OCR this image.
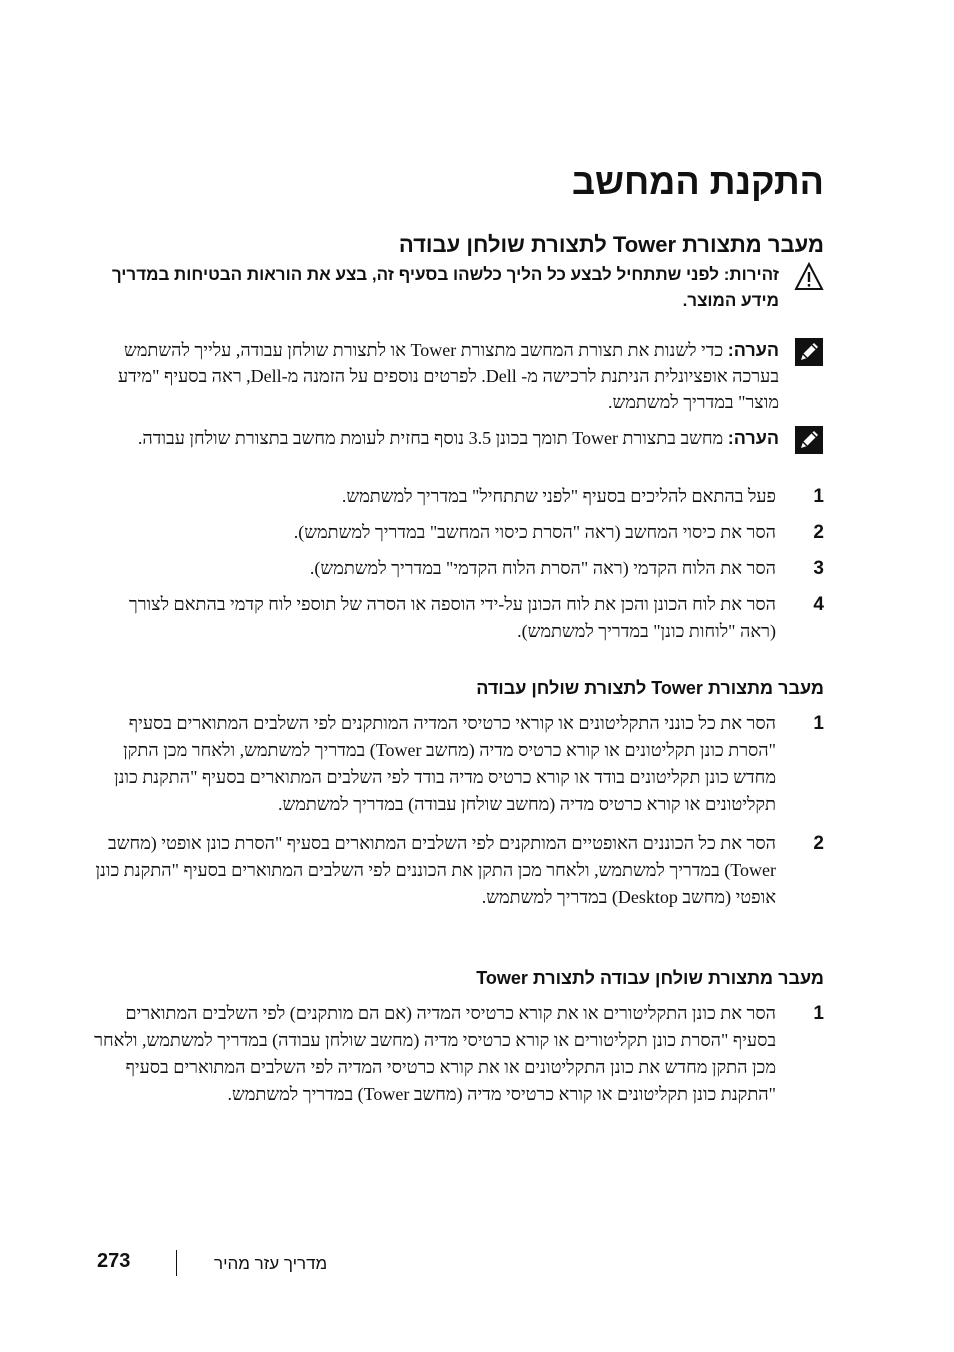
התקנת המחשב
מעבר מתצורת Tower לתצורת שולחן עבודה
זהירות: לפני שתתחיל לבצע כל הליך כלשהו בסעיף זה, בצע את הוראות הבטיחות במדריך מידע המוצר.
הערה: כדי לשנות את תצורת המחשב מתצורת Tower או לתצורת שולחן עבודה, עלייך להשתמש בערכה אופציונלית הניתנת לרכישה מ- Dell. לפרטים נוספים על הזמנה מ-Dell, ראה בסעיף "מידע מוצר" במדריך למשתמש.
הערה: מחשב בתצורת Tower תומך בכונן 3.5 נוסף בחזית לעומת מחשב בתצורת שולחן עבודה.
1
פעל בהתאם להליכים בסעיף "לפני שתתחיל" במדריך למשתמש.
2
הסר את כיסוי המחשב (ראה "הסרת כיסוי המחשב" במדריך למשתמש).
3
הסר את הלוח הקדמי (ראה "הסרת הלוח הקדמי" במדריך למשתמש).
4
הסר את לוח הכונן והכן את לוח הכונן על-ידי הוספה או הסרה של תוספי לוח קדמי בהתאם לצורך (ראה "לוחות כונן" במדריך למשתמש).
מעבר מתצורת Tower לתצורת שולחן עבודה
1
הסר את כל כונני התקליטונים או קוראי כרטיסי המדיה המותקנים לפי השלבים המתוארים בסעיף "הסרת כונן תקליטונים או קורא כרטיס מדיה (מחשב Tower) במדריך למשתמש, ולאחר מכן התקן מחדש כונן תקליטונים בודד או קורא כרטיס מדיה בודד לפי השלבים המתוארים בסעיף "התקנת כונן תקליטונים או קורא כרטיס מדיה (מחשב שולחן עבודה) במדריך למשתמש.
2
הסר את כל הכוננים האופטיים המותקנים לפי השלבים המתוארים בסעיף "הסרת כונן אופטי (מחשב Tower) במדריך למשתמש, ולאחר מכן התקן את הכוננים לפי השלבים המתוארים בסעיף "התקנת כונן אופטי (מחשב Desktop) במדריך למשתמש.
מעבר מתצורת שולחן עבודה לתצורת Tower
1
הסר את כונן התקליטורים או את קורא כרטיסי המדיה (אם הם מותקנים) לפי השלבים המתוארים בסעיף "הסרת כונן תקליטורים או קורא כרטיסי מדיה (מחשב שולחן עבודה) במדריך למשתמש, ולאחר מכן התקן מחדש את כונן התקליטונים או את קורא כרטיסי המדיה לפי השלבים המתוארים בסעיף "התקנת כונן תקליטונים או קורא כרטיסי מדיה (מחשב Tower) במדריך למשתמש.
273	מדריך עזר מהיר
